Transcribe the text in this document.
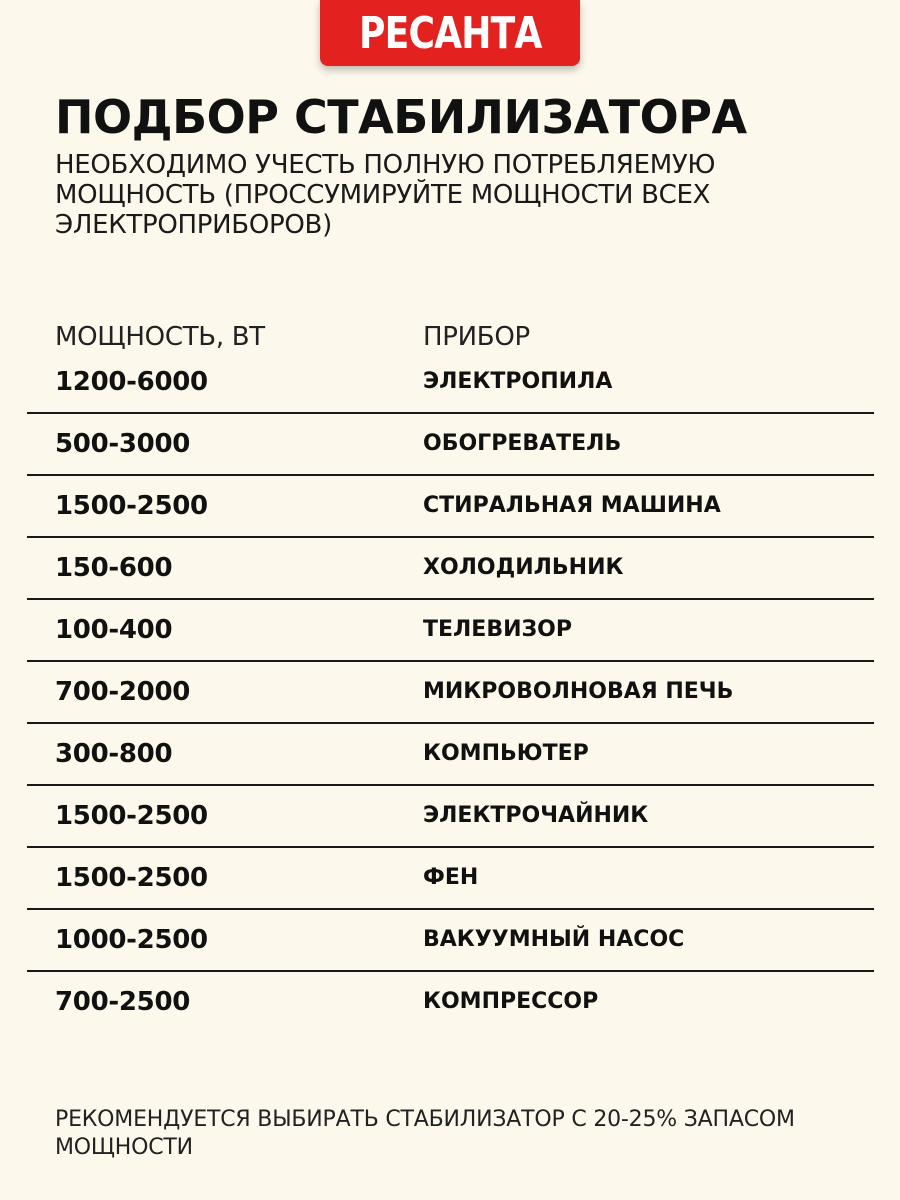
РЕСАНТА
ПОДБОР СТАБИЛИЗАТОРА
НЕОБХОДИМО УЧЕСТЬ ПОЛНУЮ ПОТРЕБЛЯЕМУЮ МОЩНОСТЬ (ПРОССУМИРУЙТЕ МОЩНОСТИ ВСЕХ ЭЛЕКТРОПРИБОРОВ)
МОЩНОСТЬ, ВТ	ПРИБОР
1200-6000	ЭЛЕКТРОПИЛА
500-3000	ОБОГРЕВАТЕЛЬ
1500-2500	СТИРАЛЬНАЯ МАШИНА
150-600	ХОЛОДИЛЬНИК
100-400	ТЕЛЕВИЗОР
700-2000	МИКРОВОЛНОВАЯ ПЕЧЬ
300-800	КОМПЬЮТЕР
1500-2500	ЭЛЕКТРОЧАЙНИК
1500-2500	ФЕН
1000-2500	ВАКУУМНЫЙ НАСОС
700-2500	КОМПРЕССОР
РЕКОМЕНДУЕТСЯ ВЫБИРАТЬ СТАБИЛИЗАТОР С 20-25% ЗАПАСОМ МОЩНОСТИ
